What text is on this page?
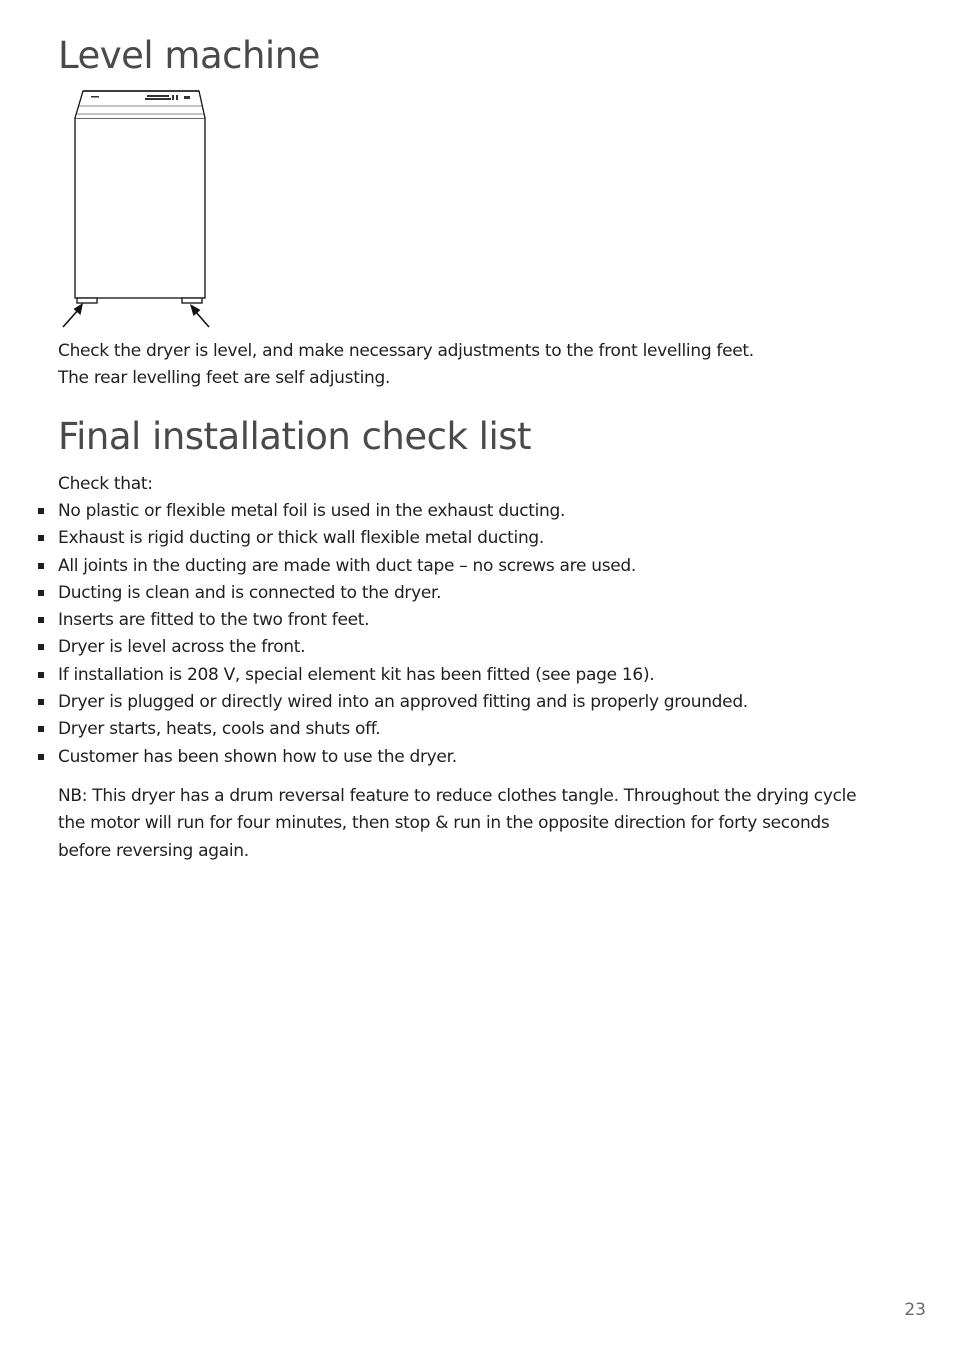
Level machine
Check the dryer is level, and make necessary adjustments to the front levelling feet.
The rear levelling feet are self adjusting.
Final installation check list
Check that:
No plastic or flexible metal foil is used in the exhaust ducting.
Exhaust is rigid ducting or thick wall flexible metal ducting.
All joints in the ducting are made with duct tape – no screws are used.
Ducting is clean and is connected to the dryer.
Inserts are fitted to the two front feet.
Dryer is level across the front.
If installation is 208 V, special element kit has been fitted (see page 16).
Dryer is plugged or directly wired into an approved fitting and is properly grounded.
Dryer starts, heats, cools and shuts off.
Customer has been shown how to use the dryer.
NB: This dryer has a drum reversal feature to reduce clothes tangle. Throughout the drying cycle
the motor will run for four minutes, then stop & run in the opposite direction for forty seconds
before reversing again.
23
